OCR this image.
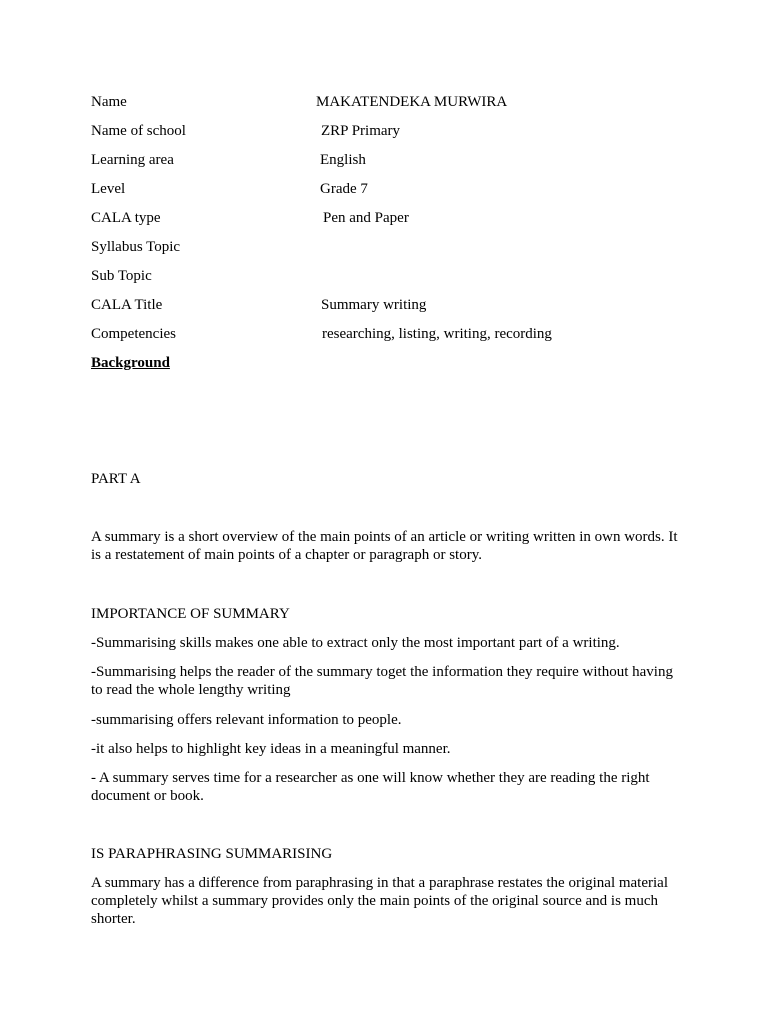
Name	MAKATENDEKA MURWIRA
Name of school	ZRP Primary
Learning area	English
Level	Grade 7
CALA type	Pen and Paper
Syllabus Topic
Sub Topic
CALA Title	Summary writing
Competencies	researching, listing, writing, recording
Background
PART A

A summary is a short overview of the main points of an article or writing written in own words. It is a restatement of main points of a chapter or paragraph or story.

IMPORTANCE OF SUMMARY

-Summarising skills makes one able to extract only the most important part of a writing.

-Summarising helps the reader of the summary toget the information they require without having to read the whole lengthy writing

-summarising offers relevant information to people.

-it also helps to highlight key ideas in a meaningful manner.

- A summary serves time for a researcher as one will know whether they are reading the right document or book.

IS PARAPHRASING SUMMARISING

A summary has a difference from paraphrasing in that a paraphrase restates the original material completely whilst a summary provides only the main points of the original source and is much shorter.
